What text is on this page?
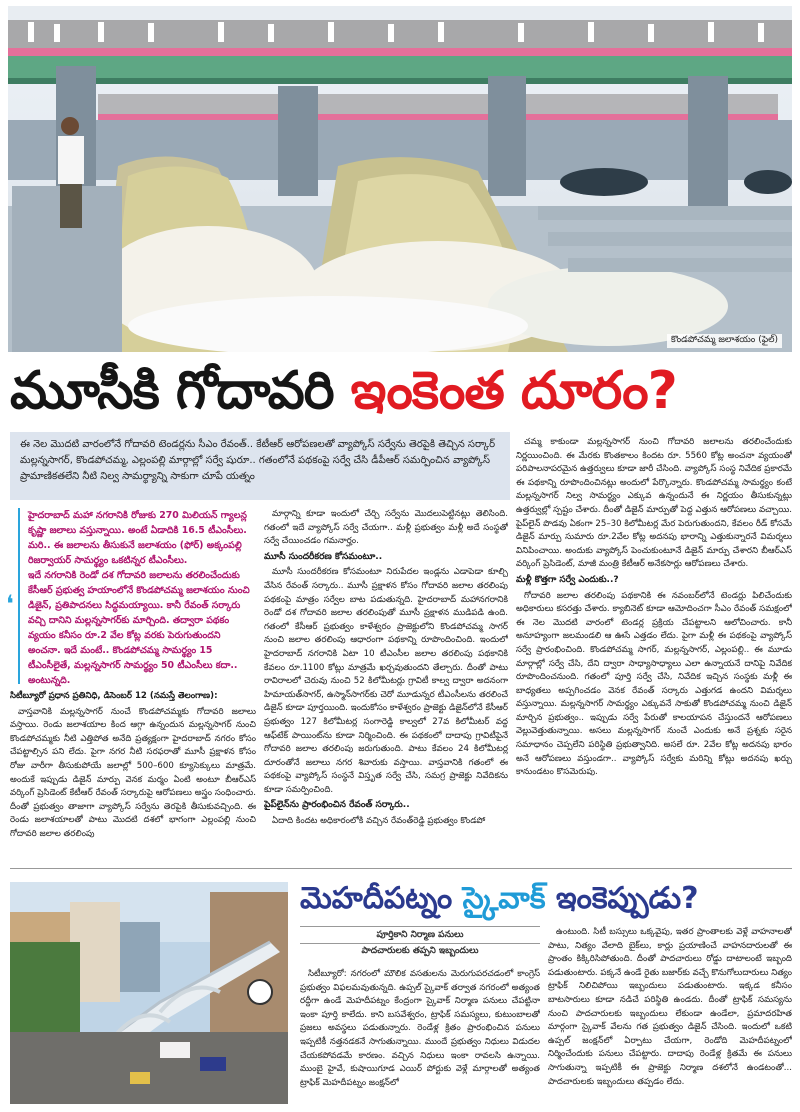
కొండపోచమ్మ జలాశయం (ఫైల్)
మూసీకి గోదావరి ఇంకెంత దూరం?

ఈ నెల మొదటి వారంలోనే గోదావరి టెండర్లను సీఎం రేవంత్.. కేటీఆర్ ఆరోపణలతో వ్యాప్కోస్ సర్వేను తెరపైకి తెచ్చిన సర్కార్

మల్లన్నసాగర్, కొండపోచమ్మ, ఎల్లంపల్లి మార్గాల్లో సర్వే షురూ.. గతంలోనే పథకంపై సర్వే చేసి డీపీఆర్ సమర్పించిన వ్యాప్కోస్

ప్రామాణికతలేని నీటి నిల్వ సామర్థ్యాన్ని సాకుగా చూపే యత్నం

❛
హైదరాబాద్ మహా నగరానికి రోజుకు 270 మిలియన్ గ్యాలన్ల కృష్ణా జలాలు వస్తున్నాయి. అంటే ఏడాదికి 16.5 టీఎంసీలు.
మరి.. ఈ జలాలను తీసుకునే జలాశయం (ఫోర్) అక్కంపల్లి రిజర్వాయర్ సామర్థ్యం ఒకటిన్నర టీఎంసీలు.
ఇదే నగరానికి రెండో దశ గోదావరి జలాలను తరలించేందుకు కేసీఆర్ ప్రభుత్వ హయాంలోనే కొండపోచమ్మ జలాశయం నుంచి డిజైన్, ప్రతిపాదనలు సిద్ధమయ్యాయి. కానీ రేవంత్ సర్కారు వచ్చి దానిని మల్లన్నసాగర్‌కు మార్చింది. తద్వారా పథకం వ్యయం కనీసం రూ.2 వేల కోట్ల వరకు పెరుగుతుందని అంచనా. ఇదే మంటే.. కొండపోచమ్మ సామర్థ్యం 15 టీఎంసీలైతే, మల్లన్నసాగర్ సామర్థ్యం 50 టీఎంసీలు కదా.. అంటున్నది.

సిటీబ్యూరో ప్రధాన ప్రతినిధి, డిసెంబర్ 12 (నమస్తే తెలంగాణ):

వాస్తవానికి మల్లన్నసాగర్ నుంచే కొండపోచమ్మకు గోదావరి జలాలు వస్తాయి. రెండు జలాశయాల కింద ఆగ్గా ఉన్నందున మల్లన్నసాగర్ నుంచి కొండపోచమ్మకు నీటి ఎత్తిపోత అనేది ప్రత్యక్షంగా హైదరాబాద్ నగరం కోసం చేపట్టాల్సిన పని లేదు. పైగా నగర నీటి సరఫరాతో మూసీ ప్రక్షాళన కోసం రోజు వారీగా తీసుకుపోయే జలాల్లో 500–600 క్యూసెక్కులు మాత్రమే. అందుకే ఇప్పుడు డిజైన్ మార్పు వెనక మర్మం ఏంటి అంటూ బీఆర్ఎస్ వర్కింగ్ ప్రెసిడెంట్ కేటీఆర్ రేవంత్ సర్కారుపై ఆరోపణలు అస్త్రం సంధించారు. దీంతో ప్రభుత్వం తాజాగా వ్యాప్కోస్ సర్వేను తెరపైకి తీసుకువచ్చింది. ఈ రెండు జలాశయాలతో పాటు మొదటి దశలో భాగంగా ఎల్లంపల్లి నుంచి గోదావరి జలాల తరలింపు

మార్గాన్ని కూడా ఇందులో చేర్చి సర్వేను మొదలుపెట్టినట్లు తెలిసింది. గతంలో ఇదే వ్యాప్కోస్ సర్వే చేయగా.. మళ్లీ ప్రభుత్వం మళ్లీ అదే సంస్థతో సర్వే చేయించడం గమనార్హం.

మూసీ సుందరీకరణ కోసమంటూ..

మూసీ సుందరీకరణ కోసమంటూ నిరుపేదల ఇండ్లను ఎడాపెడా కూల్చి వేసిన రేవంత్ సర్కారు.. మూసీ ప్రక్షాళన కోసం గోదావరి జలాల తరలింపు పథకంపై మాత్రం సర్వేల బాట పడుతున్నది. హైదరాబాద్ మహానగరానికి రెండో దశ గోదావరి జలాల తరలింపుతో మూసీ ప్రక్షాళన ముడిపడి ఉంది. గతంలో కేసీఆర్ ప్రభుత్వం కాళేశ్వరం ప్రాజెక్టులోని కొండపోచమ్మ సాగర్ నుంచి జలాల తరలింపు ఆధారంగా పథకాన్ని రూపొందించింది. ఇందులో హైదరాబాద్ నగరానికి ఏటా 10 టీఎంసీల జలాల తరలింపు పథకానికి కేవలం రూ.1100 కోట్లు మాత్రమే ఖర్చవుతుందని తేల్చారు. దీంతో పాటు రావిరాలలో చెరువు నుంచి 52 కిలోమీటర్లు గ్రావిటీ కాల్వ ద్వారా అదనంగా హిమాయత్‌సాగర్, ఉస్మాన్‌సాగర్‌కు చెరో మూడున్నర టీఎంసీలను తరలించే డిజైన్ కూడా పూర్తయింది. ఇందుకోసం కాళేశ్వరం ప్రాజెక్టు డిజైన్‌లోనే కేసీఆర్ ప్రభుత్వం 127 కిలోమీటర్ల సంగారెడ్డి కాల్వలో 27వ కిలోమీటర్ వద్ద ఆఫ్‌టేక్ పాయింట్‌ను కూడా నిర్మించింది. ఈ పథకంలో దాదాపు గ్రావిటీపైనే గోదావరి జలాల తరలింపు జరుగుతుంది. పాటు కేవలం 24 కిలోమీటర్ల దూరంతోనే జలాలు నగర శివారుకు వస్తాయి. వాస్తవానికి గతంలో ఈ పథకంపై వ్యాప్కోస్ సంస్థనే విస్తృత సర్వే చేసి, సమగ్ర ప్రాజెక్టు నివేదికను కూడా సమర్పించింది.

పైప్‌లైన్‌ను ప్రారంభించిన రేవంత్ సర్కారు..

ఏదాది కిందట అధికారంలోకి వచ్చిన రేవంత్‌రెడ్డి ప్రభుత్వం కొండపో

చమ్మ కాకుండా మల్లన్నసాగర్ నుంచి గోదావరి జలాలను తరలించేందుకు నిర్ణయించింది. ఈ మేరకు కొంతకాలం కిందట రూ. 5560 కోట్ల అంచనా వ్యయంతో పరిపాలనాపరమైన ఉత్తర్వులు కూడా జారీ చేసింది. వ్యాప్కోస్ సంస్థ నివేదిక ప్రకారమే ఈ పథకాన్ని రూపొందించినట్లు అందులో పేర్కొన్నారు. కొండపోచమ్మ సామర్థ్యం కంటే మల్లన్నసాగర్ నిల్వ సామర్థ్యం ఎక్కువ ఉన్నందునే ఈ నిర్ణయం తీసుకున్నట్లు ఉత్తర్వుల్లో స్పష్టం చేశారు. దీంతో డిజైన్ మార్పుతో పెద్ద ఎత్తున ఆరోపణలు వచ్చాయి. పైప్‌లైన్ పొడవు ఏకంగా 25–30 కిలోమీటర్ల మేర పెరుగుతుందని, కేవలం రీడ్ కోసమే డిజైన్ మార్పు సుమారు రూ.2వేల కోట్ల అదనపు భారాన్ని ఎత్తుకున్నారనే విమర్శలు వినిపించాయి. అందుకు వ్యాప్కోస్ పెంచుకుంటూనే డిజైన్ మార్పు చేశారని బీఆర్ఎస్ వర్కింగ్ ప్రెసిడెంట్, మాజీ మంత్రి కేటీఆర్ అనేకసార్లు ఆరోపణలు చేశారు.

మళ్లీ కొత్తగా సర్వే ఎందుకు..?

గోదావరి జలాల తరలింపు పథకానికి ఈ నవంబర్‌లోనే టెండర్లు పిలిచేందుకు అధికారులు కసరత్తు చేశారు. క్యాబినెట్ కూడా ఆమోదించగా సీఎం రేవంత్ సమక్షంలో ఈ నెల మొదటి వారంలో టెండర్ల ప్రక్రియ చేపట్టాలని ఆలోచించారు. కానీ అనూహ్యంగా జలమండలి ఆ ఊసే ఎత్తడం లేదు. పైగా మళ్లీ ఈ పథకంపై వ్యాప్కోస్ సర్వే ప్రారంభించింది. కొండపోచమ్మ సాగర్, మల్లన్నసాగర్, ఎల్లంపల్లి.. ఈ మూడు మార్గాల్లో సర్వే చేసి, దేని ద్వారా సాధ్యాసాధ్యాలు ఎలా ఉన్నాయనే దానిపై నివేదిక రూపొందించనుంది. గతంలో పూర్తి సర్వే చేసి, నివేదిక ఇచ్చిన సంస్థకు మళ్లీ ఈ బాధ్యతలు అప్పగించడం వెనక రేవంత్ సర్కారు ఎత్తుగడ ఉందని విమర్శలు వస్తున్నాయి. మల్లన్నసాగర్ సామర్థ్యం ఎక్కువనే సాకుతో కొండపోచమ్మ నుంచి డిజైన్ మార్చిన ప్రభుత్వం.. ఇప్పుడు సర్వే పేరుతో కాలయాపన చేస్తుందనే ఆరోపణలు వెల్లువెత్తుతున్నాయి. అసలు మల్లన్నసాగర్ నుంచే ఎందుకు అనే ప్రశ్నకు సరైన సమాధానం చెప్పలేని పరిస్థితి ప్రభుత్వానిది. అసలే రూ. 2వేల కోట్ల అదనపు భారం అనే ఆరోపణలు వస్తుండగా.. వ్యాప్కోస్ సర్వేకు మరిన్ని కోట్లు అదనపు ఖర్చు కానుండటం కొసమెరుపు.

మెహదీపట్నం స్కైవాక్ ఇంకెప్పుడు?
పూర్తికాని నిర్మాణ పనులు
పాదచారులకు తప్పని ఇబ్బందులు

సిటీబ్యూరో: నగరంలో మౌలిక వసతులను మెరుగుపరచడంలో కాంగ్రెస్ ప్రభుత్వం విఫలమవుతున్నది. ఉప్పల్ స్కైవాక్ తర్వాత నగరంలో అత్యంత రద్దీగా ఉండే మెహదీపట్నం కేంద్రంగా స్కైవాక్ నిర్మాణ పనులు చేపట్టినా ఇంకా పూర్తి కాలేదు. కాని బసవేశ్వరం, ట్రాఫిక్ సమస్యలు, కుటుంబాలతో ప్రజలు అవస్థలు పడుతున్నారు. రెండేళ్ల క్రితం ప్రారంభించిన పనులు ఇప్పటికీ నత్తనడకనే సాగుతున్నాయి. ముందే ప్రభుత్వం నిధులు విడుదల చేయకపోవడమే కారణం. వచ్చిన నిధులు ఇంకా రావలసి ఉన్నాయి. ముంబై హైవే, కుషాయిగూడ ఎయిర్ పోర్టుకు వెళ్లే మార్గాలతో అత్యంత ట్రాఫిక్ మెహదీపట్నం జంక్షన్‌లో

ఉంటుంది. సిటీ బస్సులు ఒక్కవైపు, ఇతర ప్రాంతాలకు వెళ్లే వాహనాలతో పాటు, నిత్యం వేలాది బైక్‌లు, కార్లు ప్రయాణించే వాహనదారులతో ఈ ప్రాంతం కిక్కిరిసిపోతుంది. దీంతో పాదచారులు రోడ్డు దాటాలంటే ఇబ్బంది పడుతుంటారు. పక్కనే ఉండే రైతు బజార్‌కు వచ్చే కొనుగోలుదారులు నిత్యం ట్రాఫిక్ నిలిచిపోయి ఇబ్బందులు పడుతుంటారు. ఇక్కడ కనీసం బాటసారులు కూడా నడిచే పరిస్థితి ఉండదు. దీంతో ట్రాఫిక్ సమస్యను నుంచి పాదచారులకు ఇబ్బందులు లేకుండా ఉండేలా, ప్రమాదరహిత మార్గంగా స్కైవాక్ వేలను గత ప్రభుత్వం డిజైన్ చేసింది. ఇందులో ఒకటి ఉప్పల్ జంక్షన్‌లో ఏర్పాటు చేయగా, రెండోది మెహదీపట్నంలో నిర్మించేందుకు పనులు చేపట్టారు. దాదాపు రెండేళ్ల క్రితమే ఈ పనులు సాగుతున్నా ఇప్పటికీ ఈ ప్రాజెక్టు నిర్మాణ దశలోనే ఉండటంతో... పాదచారులకు ఇబ్బందులు తప్పడం లేదు.
